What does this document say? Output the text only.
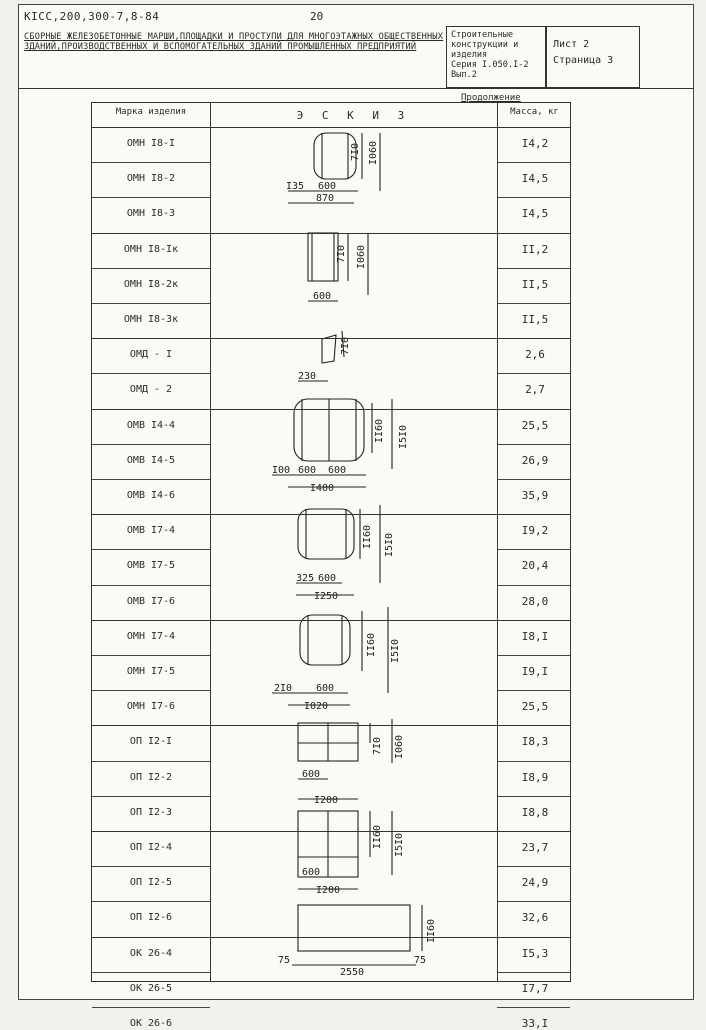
КІСС,200,300-7,8-84	20
СБОРНЫЕ ЖЕЛЕЗОБЕТОННЫЕ МАРШИ,ПЛОЩАДКИ И ПРОСТУПИ ДЛЯ МНОГОЭТАЖНЫХ ОБЩЕСТВЕННЫХ ЗДАНИЙ,ПРОИЗВОДСТВЕННЫХ И ВСПОМОГАТЕЛЬНЫХ ЗДАНИЙ ПРОМЫШЛЕННЫХ ПРЕДПРИЯТИЙ
Строительные
конструкции и
изделия
Серия І.050.І-2
Вып.2
Лист 2
Страница 3
Продолжение
Марка изделия	Э С К И З	Масса, кг
7І0 І060
І35 600
870
7І0 І060
600
7І0
230
ІІ60 І5І0
І00 600 600
І400
ІІ60 І5І0
325 600
І250
ІІ60 І5І0
2І0 600
І020
7І0 І060
600
І200
ІІ60 І5І0
600
І200
ІІ60
75
2550
75
ОМН І8-І	І4,2
ОМН І8-2	І4,5
ОМН І8-3	І4,5
ОМН І8-Ік	ІІ,2
ОМН І8-2к	ІІ,5
ОМН І8-3к	ІІ,5
ОМД - І	2,6
ОМД - 2	2,7
ОМВ І4-4	25,5
ОМВ І4-5	26,9
ОМВ І4-6	35,9
ОМВ І7-4	І9,2
ОМВ І7-5	20,4
ОМВ І7-6	28,0
ОМН І7-4	І8,І
ОМН І7-5	І9,І
ОМН І7-6	25,5
ОП І2-І	І8,3
ОП І2-2	І8,9
ОП І2-3	І8,8
ОП І2-4	23,7
ОП І2-5	24,9
ОП І2-6	32,6
ОК 26-4	І5,3
ОК 26-5	І7,7
ОК 26-6	33,І
